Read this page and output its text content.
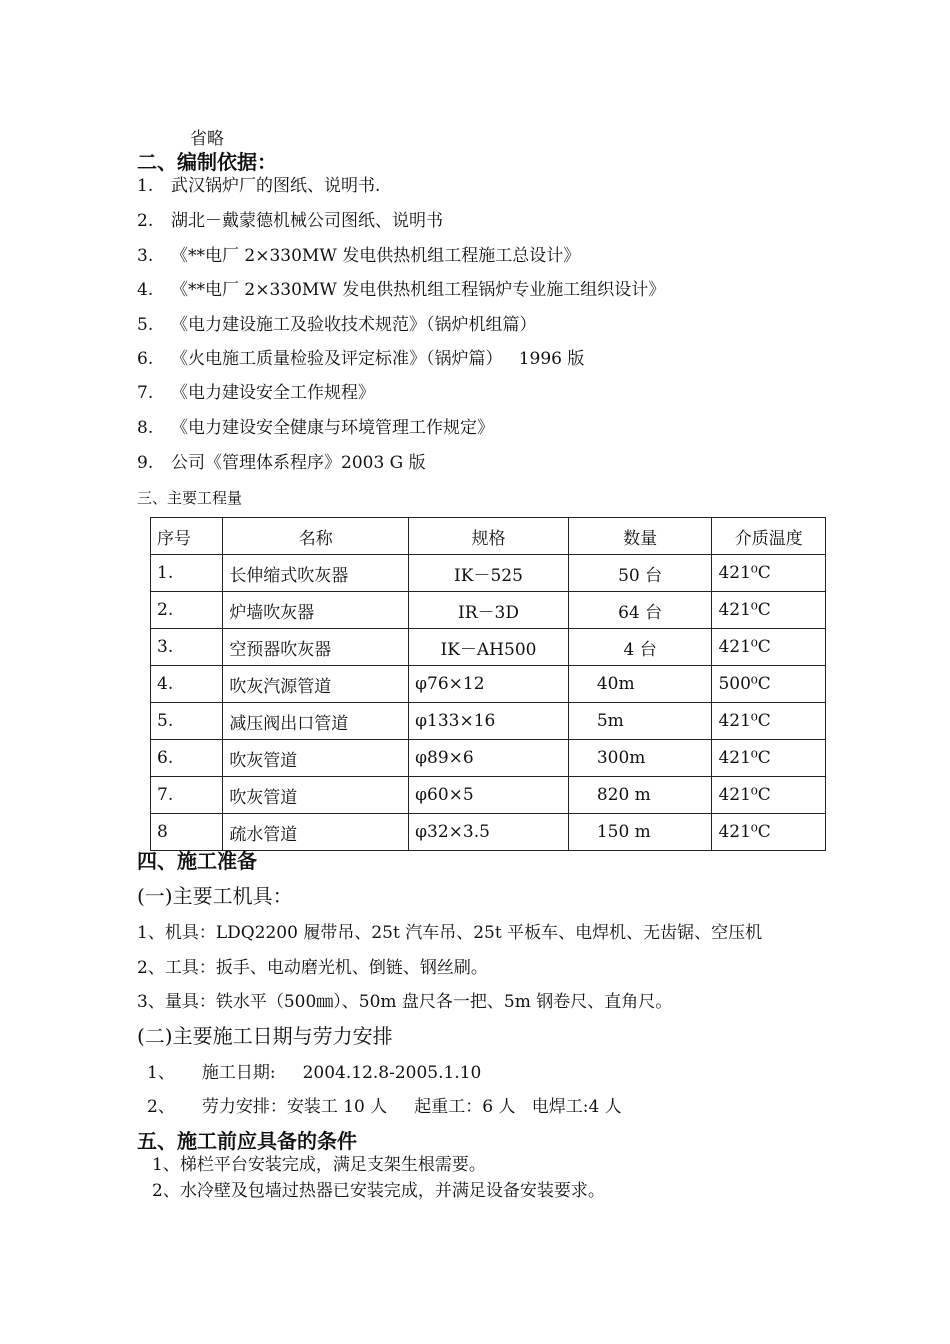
省略
二、编制依据：
1. 武汉锅炉厂的图纸、说明书.
2. 湖北－戴蒙德机械公司图纸、说明书
3. 《**电厂 2×330MW 发电供热机组工程施工总设计》
4. 《**电厂 2×330MW 发电供热机组工程锅炉专业施工组织设计》
5. 《电力建设施工及验收技术规范》（锅炉机组篇）
6. 《火电施工质量检验及评定标准》（锅炉篇）   1996 版
7. 《电力建设安全工作规程》
8. 《电力建设安全健康与环境管理工作规定》
9. 公司《管理体系程序》2003 G 版
三、主要工程量
序号	名称	规格	数量	介质温度
1.	长伸缩式吹灰器	IK－525	50 台	421⁰C
2.	炉墙吹灰器	IR－3D	64 台	421⁰C
3.	空预器吹灰器	IK－AH500	4 台	421⁰C
4.	吹灰汽源管道	φ76×12	40m	500⁰C
5.	减压阀出口管道	φ133×16	5m	421⁰C
6.	吹灰管道	φ89×6	300m	421⁰C
7.	吹灰管道	φ60×5	820 m	421⁰C
8	疏水管道	φ32×3.5	150 m	421⁰C
四、施工准备
(一)主要工机具：
1、机具：LDQ2200 履带吊、25t 汽车吊、25t 平板车、电焊机、无齿锯、空压机
2、工具：扳手、电动磨光机、倒链、钢丝刷。
3、量具：铁水平（500㎜）、50m 盘尺各一把、5m 钢卷尺、直角尺。
(二)主要施工日期与劳力安排
1、     施工日期:     2004.12.8-2005.1.10
2、     劳力安排：安装工 10 人     起重工：6 人   电焊工:4 人
五、施工前应具备的条件
1、梯栏平台安装完成，满足支架生根需要。
2、水冷壁及包墙过热器已安装完成，并满足设备安装要求。
